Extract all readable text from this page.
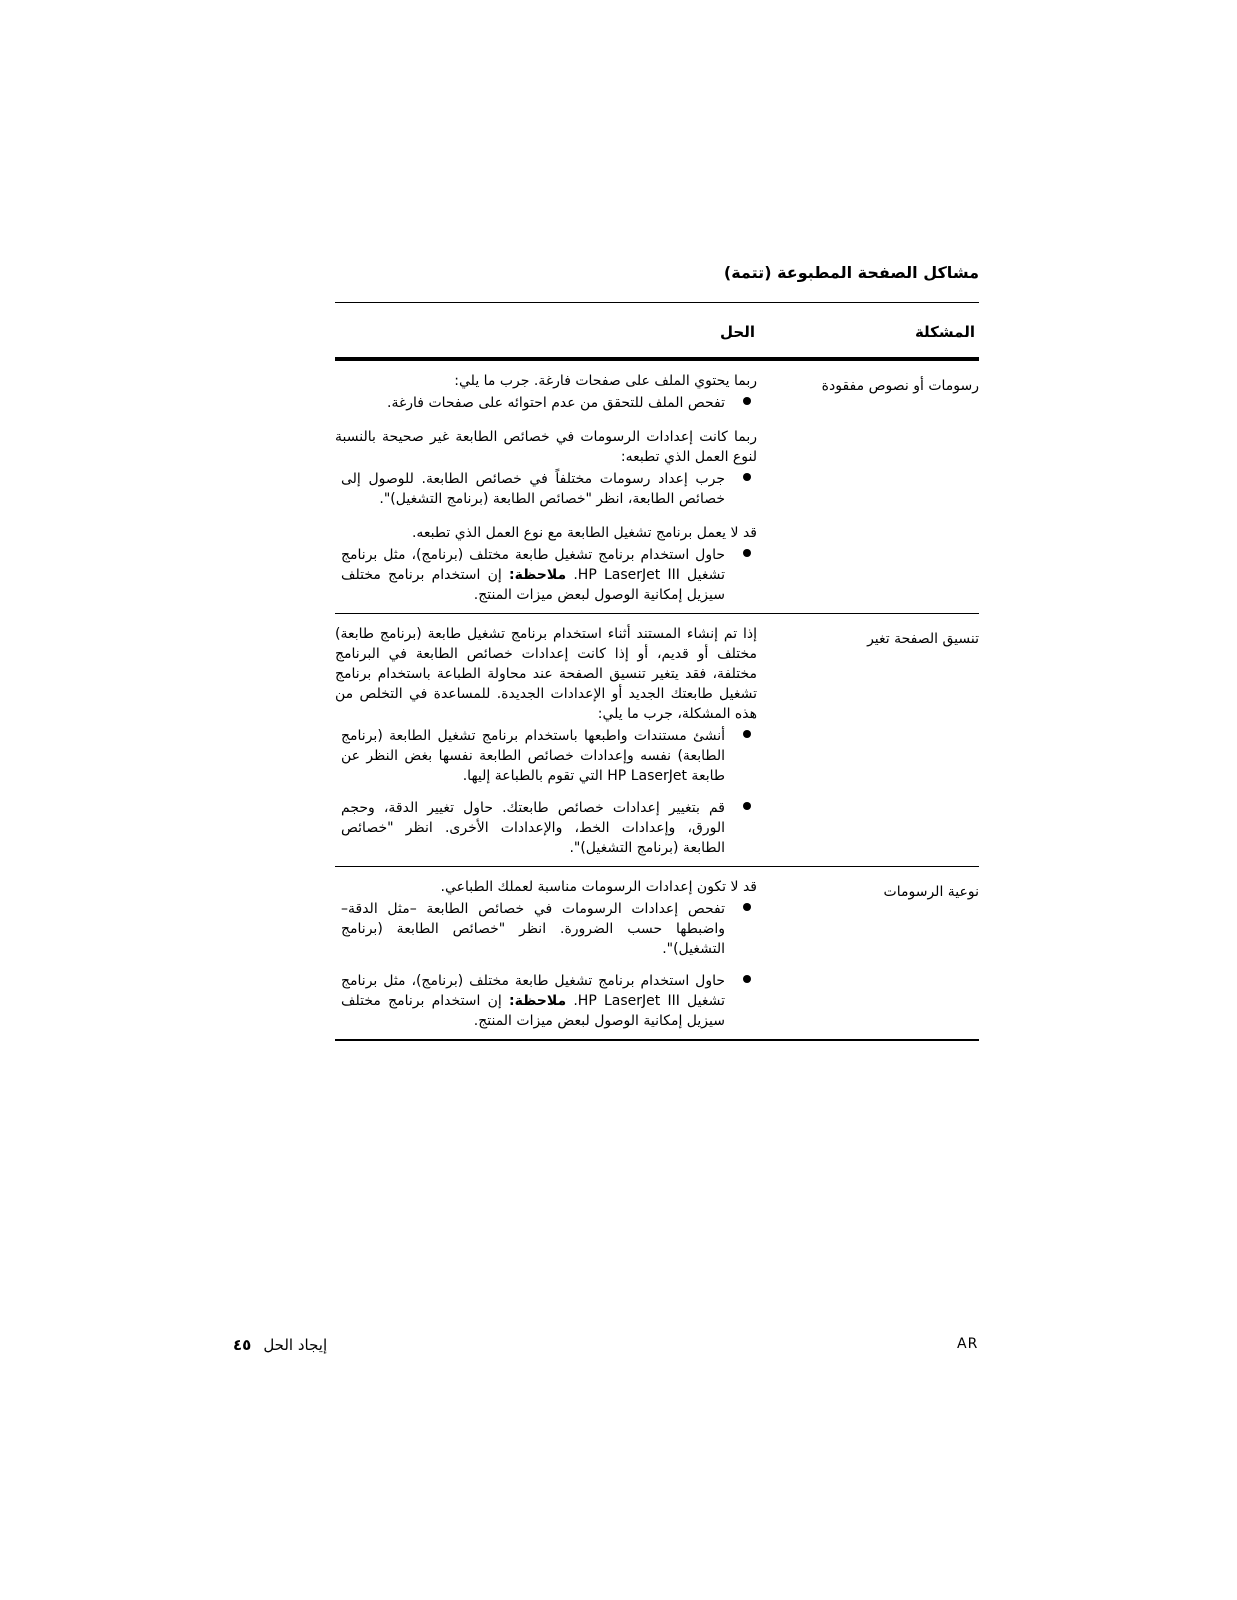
مشاكل الصفحة المطبوعة (تتمة)
المشكلة
الحل
رسومات أو نصوص مفقودة
ربما يحتوي الملف على صفحات فارغة. جرب ما يلي:
تفحص الملف للتحقق من عدم احتوائه على صفحات فارغة.
ربما كانت إعدادات الرسومات في خصائص الطابعة غير صحيحة بالنسبة لنوع العمل الذي تطبعه:
جرب إعداد رسومات مختلفاً في خصائص الطابعة. للوصول إلى خصائص الطابعة، انظر "خصائص الطابعة (برنامج التشغيل)".
قد لا يعمل برنامج تشغيل الطابعة مع نوع العمل الذي تطبعه.
حاول استخدام برنامج تشغيل طابعة مختلف (برنامج)، مثل برنامج تشغيل HP LaserJet III. ملاحظة: إن استخدام برنامج مختلف سيزيل إمكانية الوصول لبعض ميزات المنتج.
تنسيق الصفحة تغير
إذا تم إنشاء المستند أثناء استخدام برنامج تشغيل طابعة (برنامج طابعة) مختلف أو قديم، أو إذا كانت إعدادات خصائص الطابعة في البرنامج مختلفة، فقد يتغير تنسيق الصفحة عند محاولة الطباعة باستخدام برنامج تشغيل طابعتك الجديد أو الإعدادات الجديدة. للمساعدة في التخلص من هذه المشكلة، جرب ما يلي:
أنشئ مستندات واطبعها باستخدام برنامج تشغيل الطابعة (برنامج الطابعة) نفسه وإعدادات خصائص الطابعة نفسها بغض النظر عن طابعة HP LaserJet التي تقوم بالطباعة إليها.
قم بتغيير إعدادات خصائص طابعتك. حاول تغيير الدقة، وحجم الورق، وإعدادات الخط، والإعدادات الأخرى. انظر "خصائص الطابعة (برنامج التشغيل)".
نوعية الرسومات
قد لا تكون إعدادات الرسومات مناسبة لعملك الطباعي.
تفحص إعدادات الرسومات في خصائص الطابعة –مثل الدقة– واضبطها حسب الضرورة. انظر "خصائص الطابعة (برنامج التشغيل)".
حاول استخدام برنامج تشغيل طابعة مختلف (برنامج)، مثل برنامج تشغيل HP LaserJet III. ملاحظة: إن استخدام برنامج مختلف سيزيل إمكانية الوصول لبعض ميزات المنتج.
إيجاد الحل٤٥	AR
